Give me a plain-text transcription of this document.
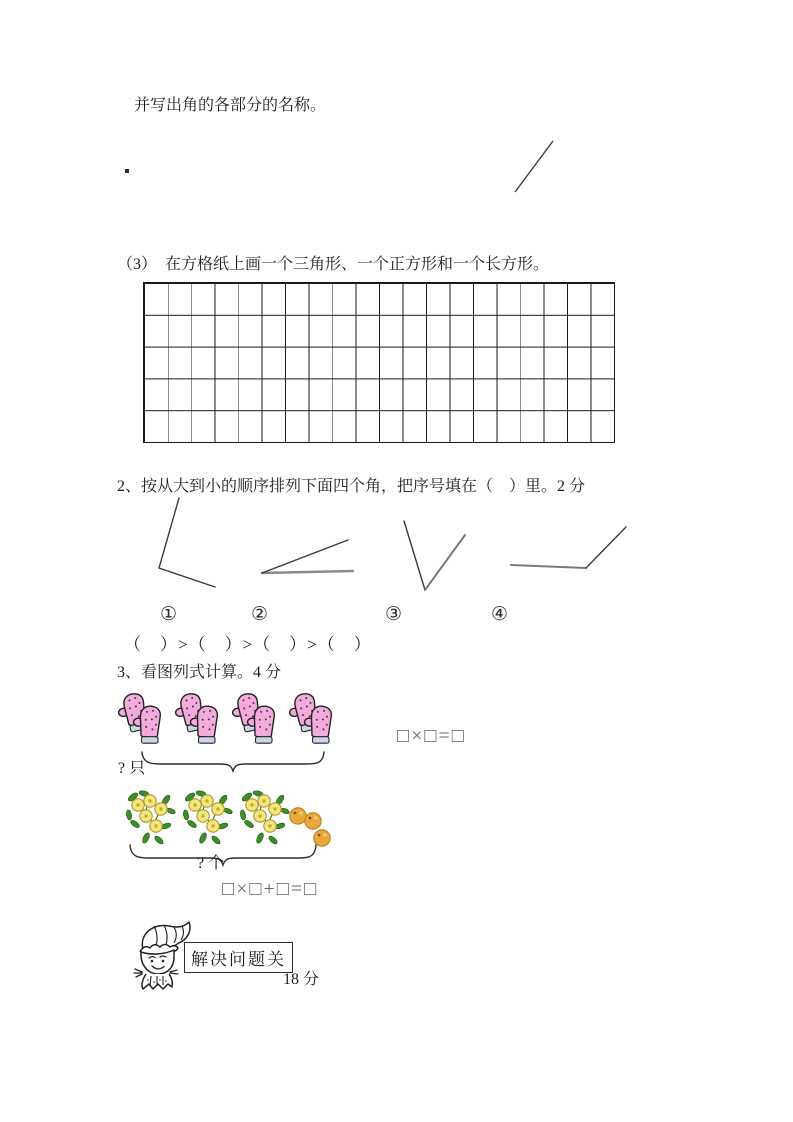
并写出角的各部分的名称。
（3）　在方格纸上画一个三角形、一个正方形和一个长方形。
2、按从大到小的顺序排列下面四个角，把序号填在（　）里。2 分
①	②	③	④
（　）>（　）>（　）>（　）
3、看图列式计算。4 分
? 只
□×□=□
? 个
□×□+□=□
解决问题关
18 分
